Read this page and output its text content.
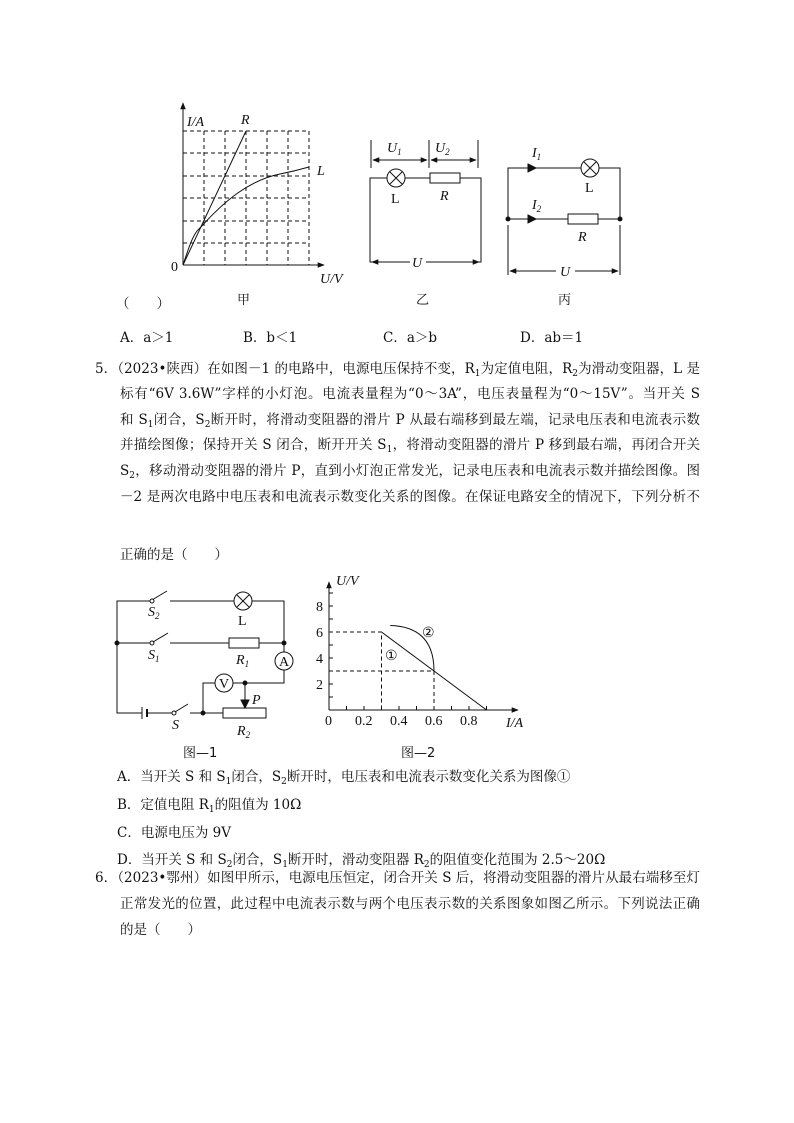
I/A	R
L
0
U/V
甲
$U_1$ $U_2$
L	R
U
乙
$I_1$
$I_2$
L
R
U
丙
A
V
$S_2$	L
$S_1$	$R_1$
P
S	$R_2$
图—1
0 0.2 0.4 0.6 0.8
2
4
6
8
U/V
I/A
①
②
图—2
（　　）
A．a＞1	B．b＜1	C．a＞b	D．ab＝1
5．（2023•陕西）在如图－1 的电路中，电源电压保持不变，$R_1$为定值电阻，$R_2$为滑动变阻器，L 是
标有“6V 3.6W”字样的小灯泡。电流表量程为“0～3A”，电压表量程为“0～15V”。当开关 S
和 $S_1$闭合，$S_2$断开时，将滑动变阻器的滑片 P 从最右端移到最左端，记录电压表和电流表示数
并描绘图像；保持开关 S 闭合，断开开关 $S_1$，将滑动变阻器的滑片 P 移到最右端，再闭合开关
$S_2$，移动滑动变阻器的滑片 P，直到小灯泡正常发光，记录电压表和电流表示数并描绘图像。图
－2 是两次电路中电压表和电流表示数变化关系的图像。在保证电路安全的情况下，下列分析不
正确的是（　　）
A．当开关 S 和 $S_1$闭合，$S_2$断开时，电压表和电流表示数变化关系为图像①
B．定值电阻 $R_1$的阻值为 10Ω
C．电源电压为 9V
D．当开关 S 和 $S_2$闭合，$S_1$断开时，滑动变阻器 $R_2$的阻值变化范围为 2.5～20Ω
6．（2023•鄂州）如图甲所示，电源电压恒定，闭合开关 S 后，将滑动变阻器的滑片从最右端移至灯
正常发光的位置，此过程中电流表示数与两个电压表示数的关系图象如图乙所示。下列说法正确
的是（　　）
